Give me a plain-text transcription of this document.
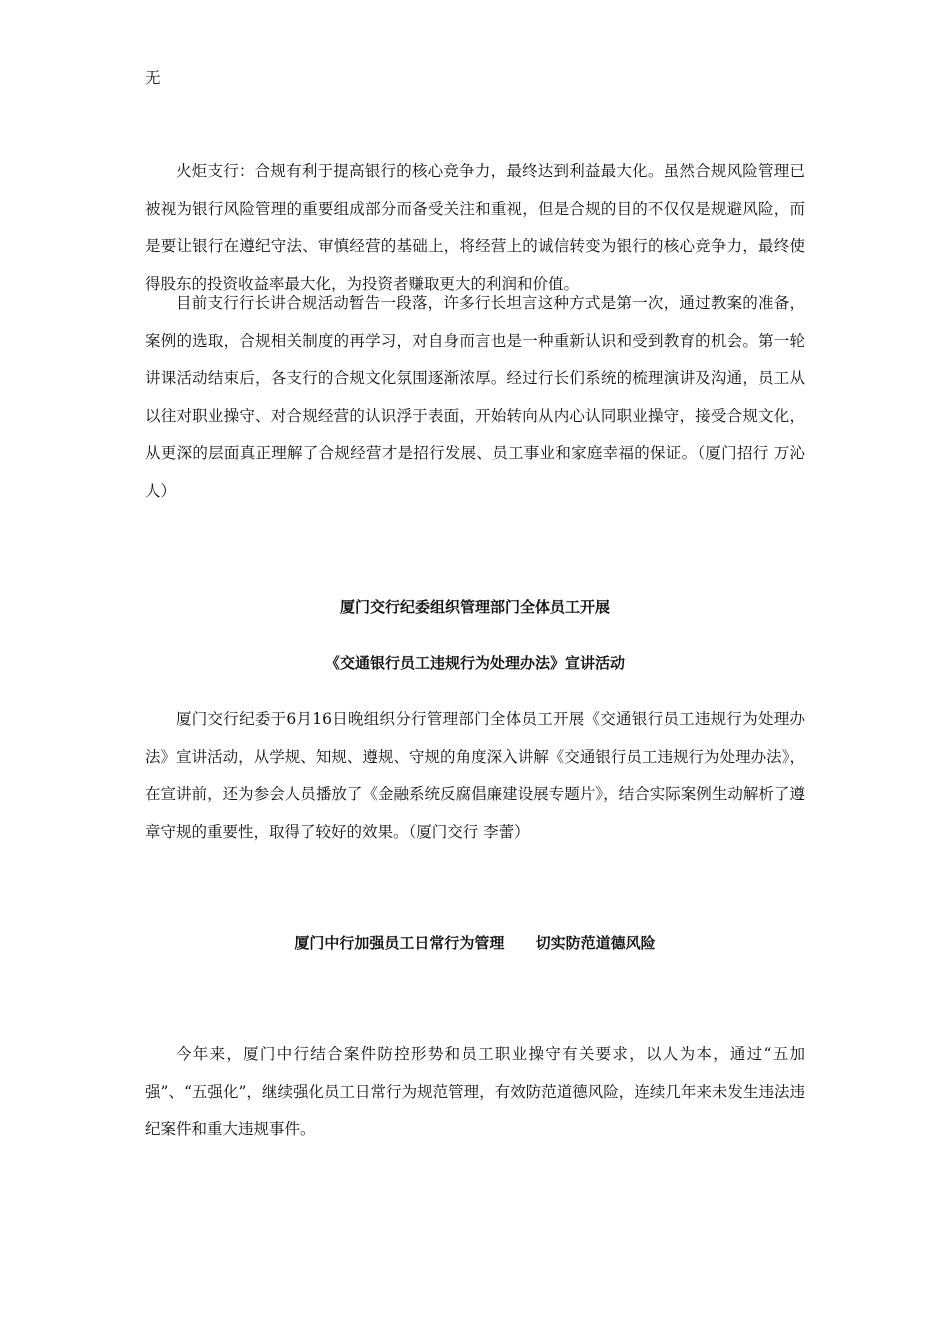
无

火炬支行：合规有利于提高银行的核心竞争力，最终达到利益最大化。虽然合规风险管理已被视为银行风险管理的重要组成部分而备受关注和重视，但是合规的目的不仅仅是规避风险，而是要让银行在遵纪守法、审慎经营的基础上，将经营上的诚信转变为银行的核心竞争力，最终使得股东的投资收益率最大化，为投资者赚取更大的利润和价值。

目前支行行长讲合规活动暂告一段落，许多行长坦言这种方式是第一次，通过教案的准备，案例的选取，合规相关制度的再学习，对自身而言也是一种重新认识和受到教育的机会。第一轮讲课活动结束后，各支行的合规文化氛围逐渐浓厚。经过行长们系统的梳理演讲及沟通，员工从以往对职业操守、对合规经营的认识浮于表面，开始转向从内心认同职业操守，接受合规文化，从更深的层面真正理解了合规经营才是招行发展、员工事业和家庭幸福的保证。（厦门招行 万沁人）

厦门交行纪委组织管理部门全体员工开展

《交通银行员工违规行为处理办法》宣讲活动

厦门交行纪委于6月16日晚组织分行管理部门全体员工开展《交通银行员工违规行为处理办法》宣讲活动，从学规、知规、遵规、守规的角度深入讲解《交通银行员工违规行为处理办法》，在宣讲前，还为参会人员播放了《金融系统反腐倡廉建设展专题片》，结合实际案例生动解析了遵章守规的重要性，取得了较好的效果。（厦门交行 李蕾）

厦门中行加强员工日常行为管理      切实防范道德风险

今年来，厦门中行结合案件防控形势和员工职业操守有关要求，以人为本，通过“五加强”、“五强化”，继续强化员工日常行为规范管理，有效防范道德风险，连续几年来未发生违法违纪案件和重大违规事件。
